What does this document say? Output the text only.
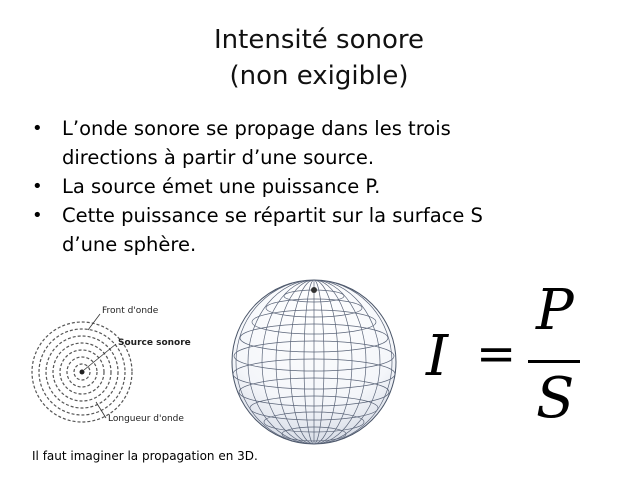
Intensité sonore
(non exigible)
• L’onde sonore se propage dans les trois
directions à partir d’une source.
• La source émet une puissance P.
• Cette puissance se répartit sur la surface S
d’une sphère.
Front d'onde
Source sonore
Longueur d'onde
I =
P
S
Il faut imaginer la propagation en 3D.
